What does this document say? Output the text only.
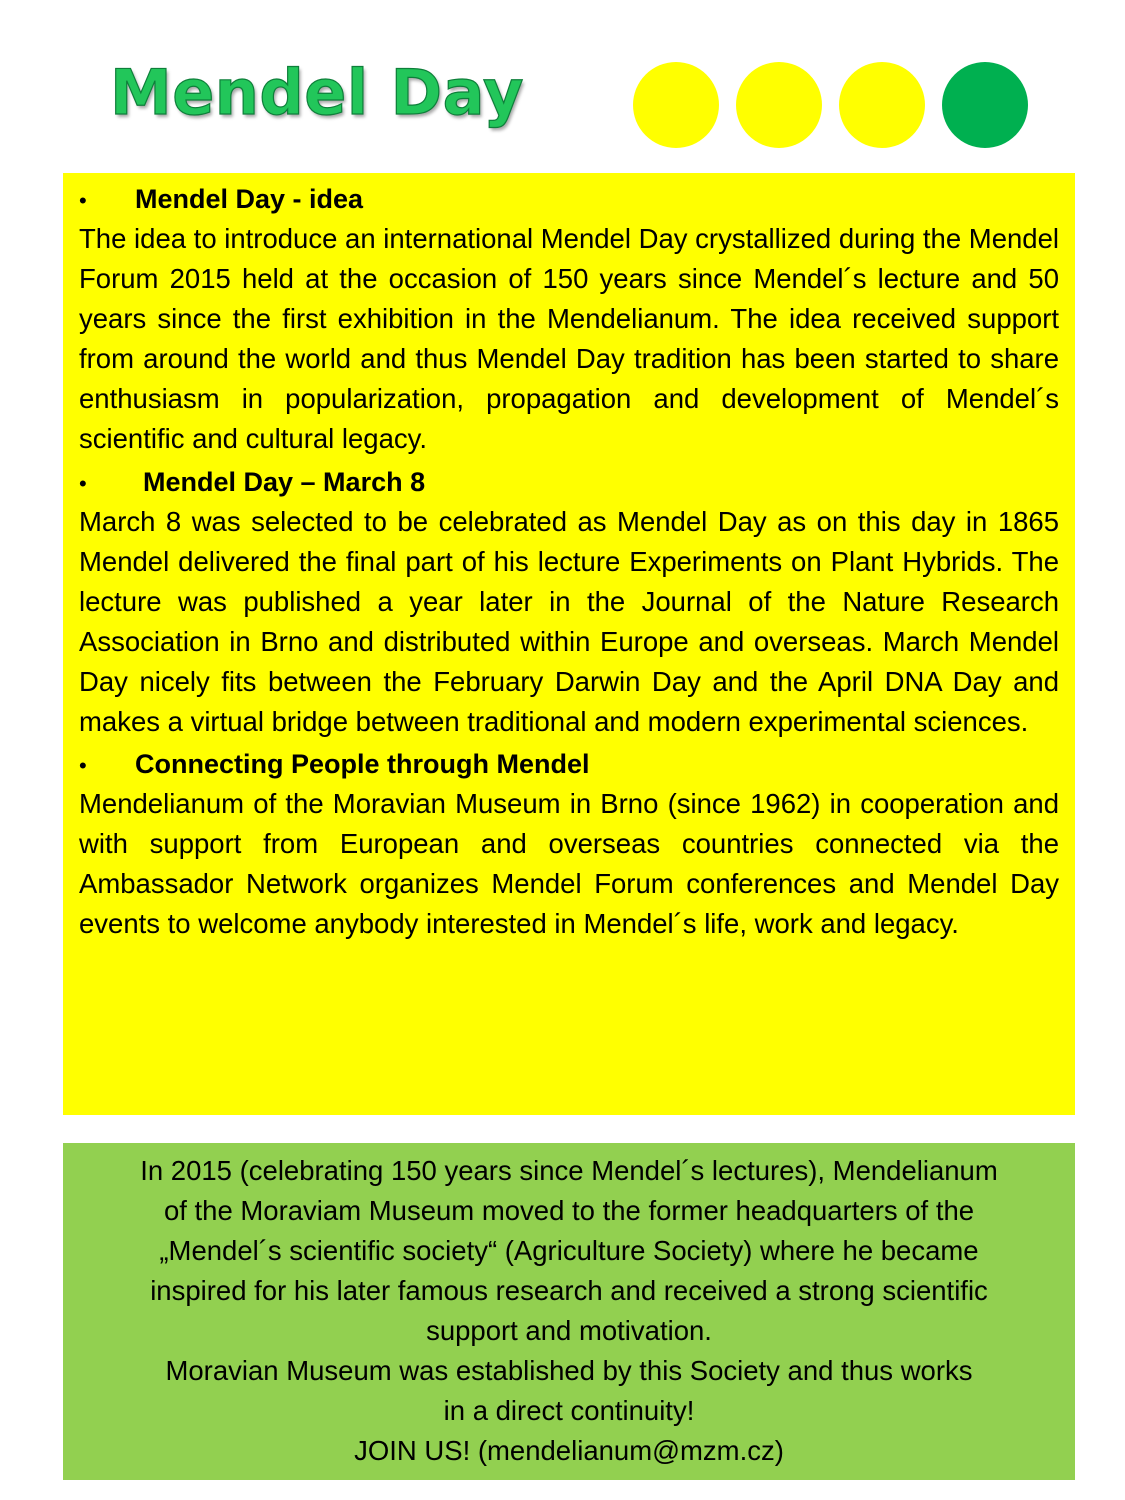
Mendel Day
•	Mendel Day - idea

The idea to introduce an international Mendel Day crystallized during the Mendel Forum 2015 held at the occasion of 150 years since Mendel´s lecture and 50 years since the first exhibition in the Mendelianum. The idea received support from around the world and thus Mendel Day tradition has been started to share enthusiasm in popularization, propagation and development of Mendel´s scientific and cultural legacy.

•	Mendel Day – March 8

March 8 was selected to be celebrated as Mendel Day as on this day in 1865 Mendel delivered the final part of his lecture Experiments on Plant Hybrids. The lecture was published a year later in the Journal of the Nature Research Association in Brno and distributed within Europe and overseas. March Mendel Day nicely fits between the February Darwin Day and the April DNA Day and makes a virtual bridge between traditional and modern experimental sciences.

•	Connecting People through Mendel

Mendelianum of the Moravian Museum in Brno (since 1962) in cooperation and with support from European and overseas countries connected via the Ambassador Network organizes Mendel Forum conferences and Mendel Day events to welcome anybody interested in Mendel´s life, work and legacy.

In 2015 (celebrating 150 years since Mendel´s lectures), Mendelianum
of the Moraviam Museum moved to the former headquarters of the
„Mendel´s scientific society“ (Agriculture Society) where he became
inspired for his later famous research and received a strong scientific
support and motivation.
Moravian Museum was established by this Society and thus works
in a direct continuity!
JOIN US! (mendelianum@mzm.cz)
